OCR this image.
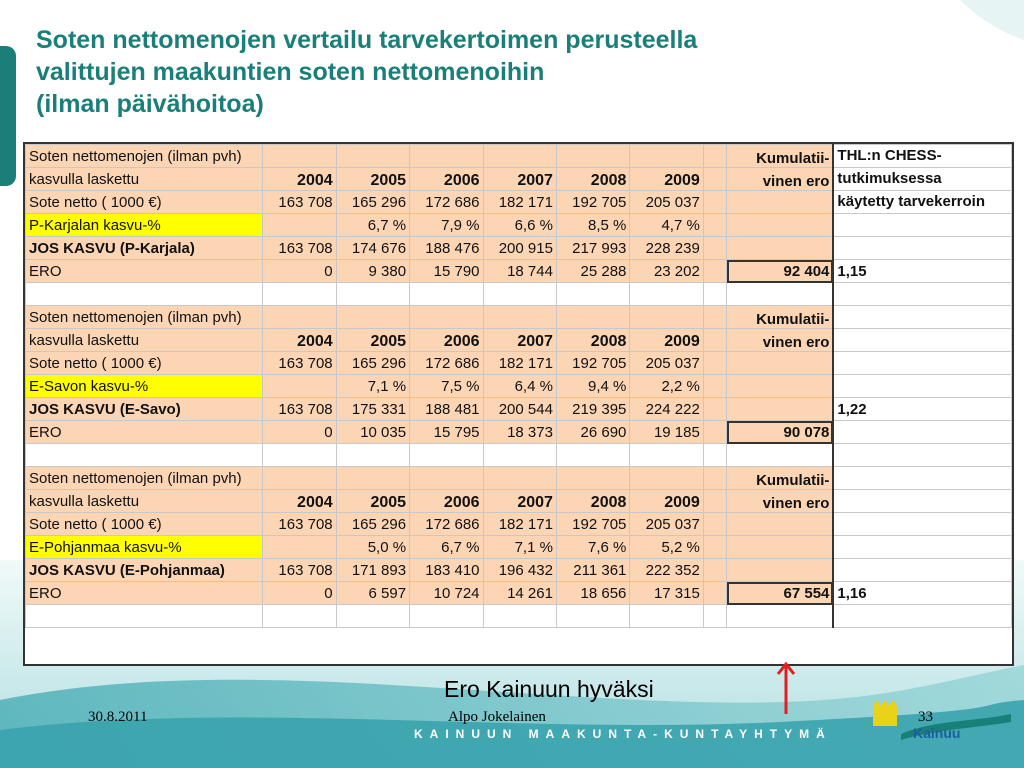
Soten nettomenojen vertailu tarvekertoimen perusteella
valittujen maakuntien soten nettomenoihin
(ilman päivähoitoa)
Soten nettomenojen (ilman pvh)								Kumulatii-	THL:n CHESS-
kasvulla laskettu	2004	2005	2006	2007	2008	2009		vinen ero	tutkimuksessa
Sote netto ( 1000 €)	163 708	165 296	172 686	182 171	192 705	205 037			käytetty tarvekerroin
P-Karjalan kasvu-%		6,7 %	7,9 %	6,6 %	8,5 %	4,7 %			
JOS KASVU (P-Karjala)	163 708	174 676	188 476	200 915	217 993	228 239			
ERO	0	9 380	15 790	18 744	25 288	23 202		92 404	1,15

Soten nettomenojen (ilman pvh)								Kumulatii-	
kasvulla laskettu	2004	2005	2006	2007	2008	2009		vinen ero	
Sote netto ( 1000 €)	163 708	165 296	172 686	182 171	192 705	205 037			
E-Savon kasvu-%		7,1 %	7,5 %	6,4 %	9,4 %	2,2 %			
JOS KASVU (E-Savo)	163 708	175 331	188 481	200 544	219 395	224 222			1,22
ERO	0	10 035	15 795	18 373	26 690	19 185		90 078	

Soten nettomenojen (ilman pvh)								Kumulatii-	
kasvulla laskettu	2004	2005	2006	2007	2008	2009		vinen ero	
Sote netto ( 1000 €)	163 708	165 296	172 686	182 171	192 705	205 037			
E-Pohjanmaa kasvu-%		5,0 %	6,7 %	7,1 %	7,6 %	5,2 %			
JOS KASVU (E-Pohjanmaa)	163 708	171 893	183 410	196 432	211 361	222 352			
ERO	0	6 597	10 724	14 261	18 656	17 315		67 554	1,16

Ero Kainuun hyväksi
30.8.2011	Alpo Jokelainen	33
KAINUUN MAAKUNTA-KUNTAYHTYMÄ	Kainuu
